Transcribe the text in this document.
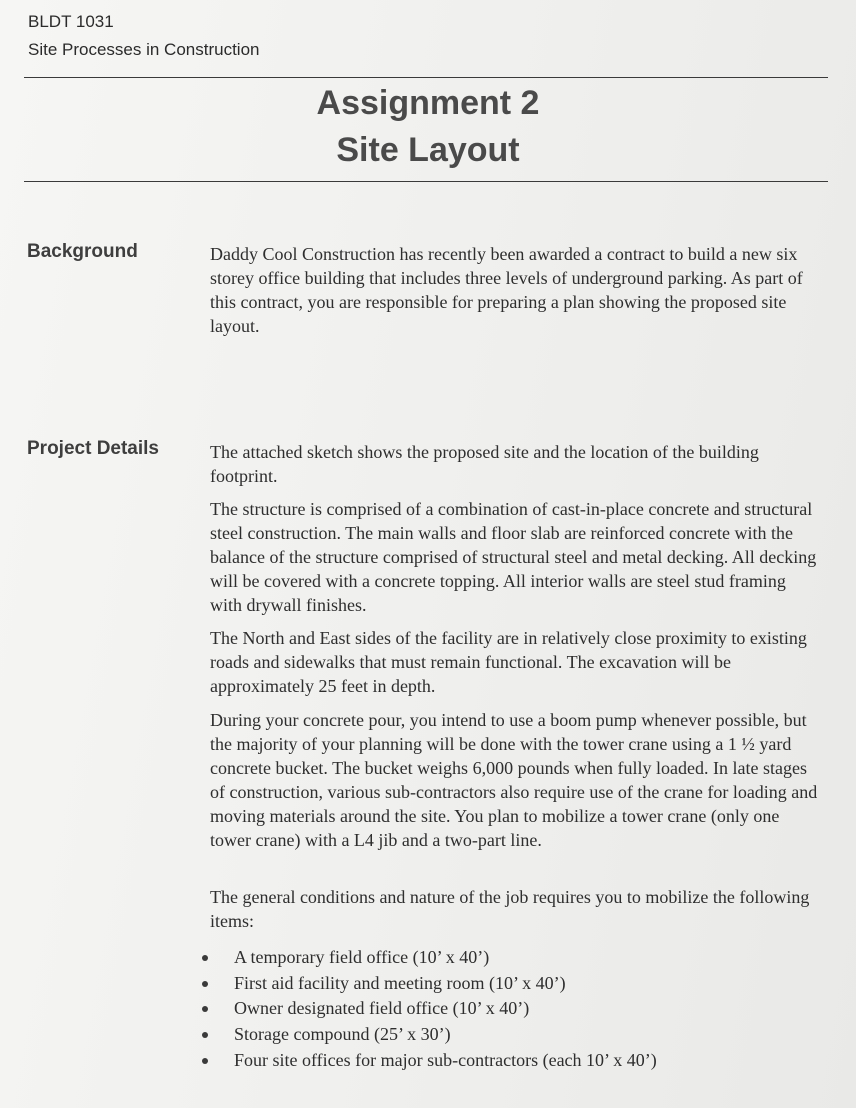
BLDT 1031
Site Processes in Construction
Assignment 2
Site Layout
Background	Daddy Cool Construction has recently been awarded a contract to build a new six storey office building that includes three levels of underground parking. As part of this contract, you are responsible for preparing a plan showing the proposed site layout.

Project Details	The attached sketch shows the proposed site and the location of the building footprint.

The structure is comprised of a combination of cast-in-place concrete and structural steel construction. The main walls and floor slab are reinforced concrete with the balance of the structure comprised of structural steel and metal decking. All decking will be covered with a concrete topping. All interior walls are steel stud framing with drywall finishes.

The North and East sides of the facility are in relatively close proximity to existing roads and sidewalks that must remain functional. The excavation will be approximately 25 feet in depth.

During your concrete pour, you intend to use a boom pump whenever possible, but the majority of your planning will be done with the tower crane using a 1 ½ yard concrete bucket. The bucket weighs 6,000 pounds when fully loaded. In late stages of construction, various sub-contractors also require use of the crane for loading and moving materials around the site. You plan to mobilize a tower crane (only one tower crane) with a L4 jib and a two-part line.

The general conditions and nature of the job requires you to mobilize the following items:

A temporary field office (10’ x 40’)
First aid facility and meeting room (10’ x 40’)
Owner designated field office (10’ x 40’)
Storage compound (25’ x 30’)
Four site offices for major sub-contractors (each 10’ x 40’)
